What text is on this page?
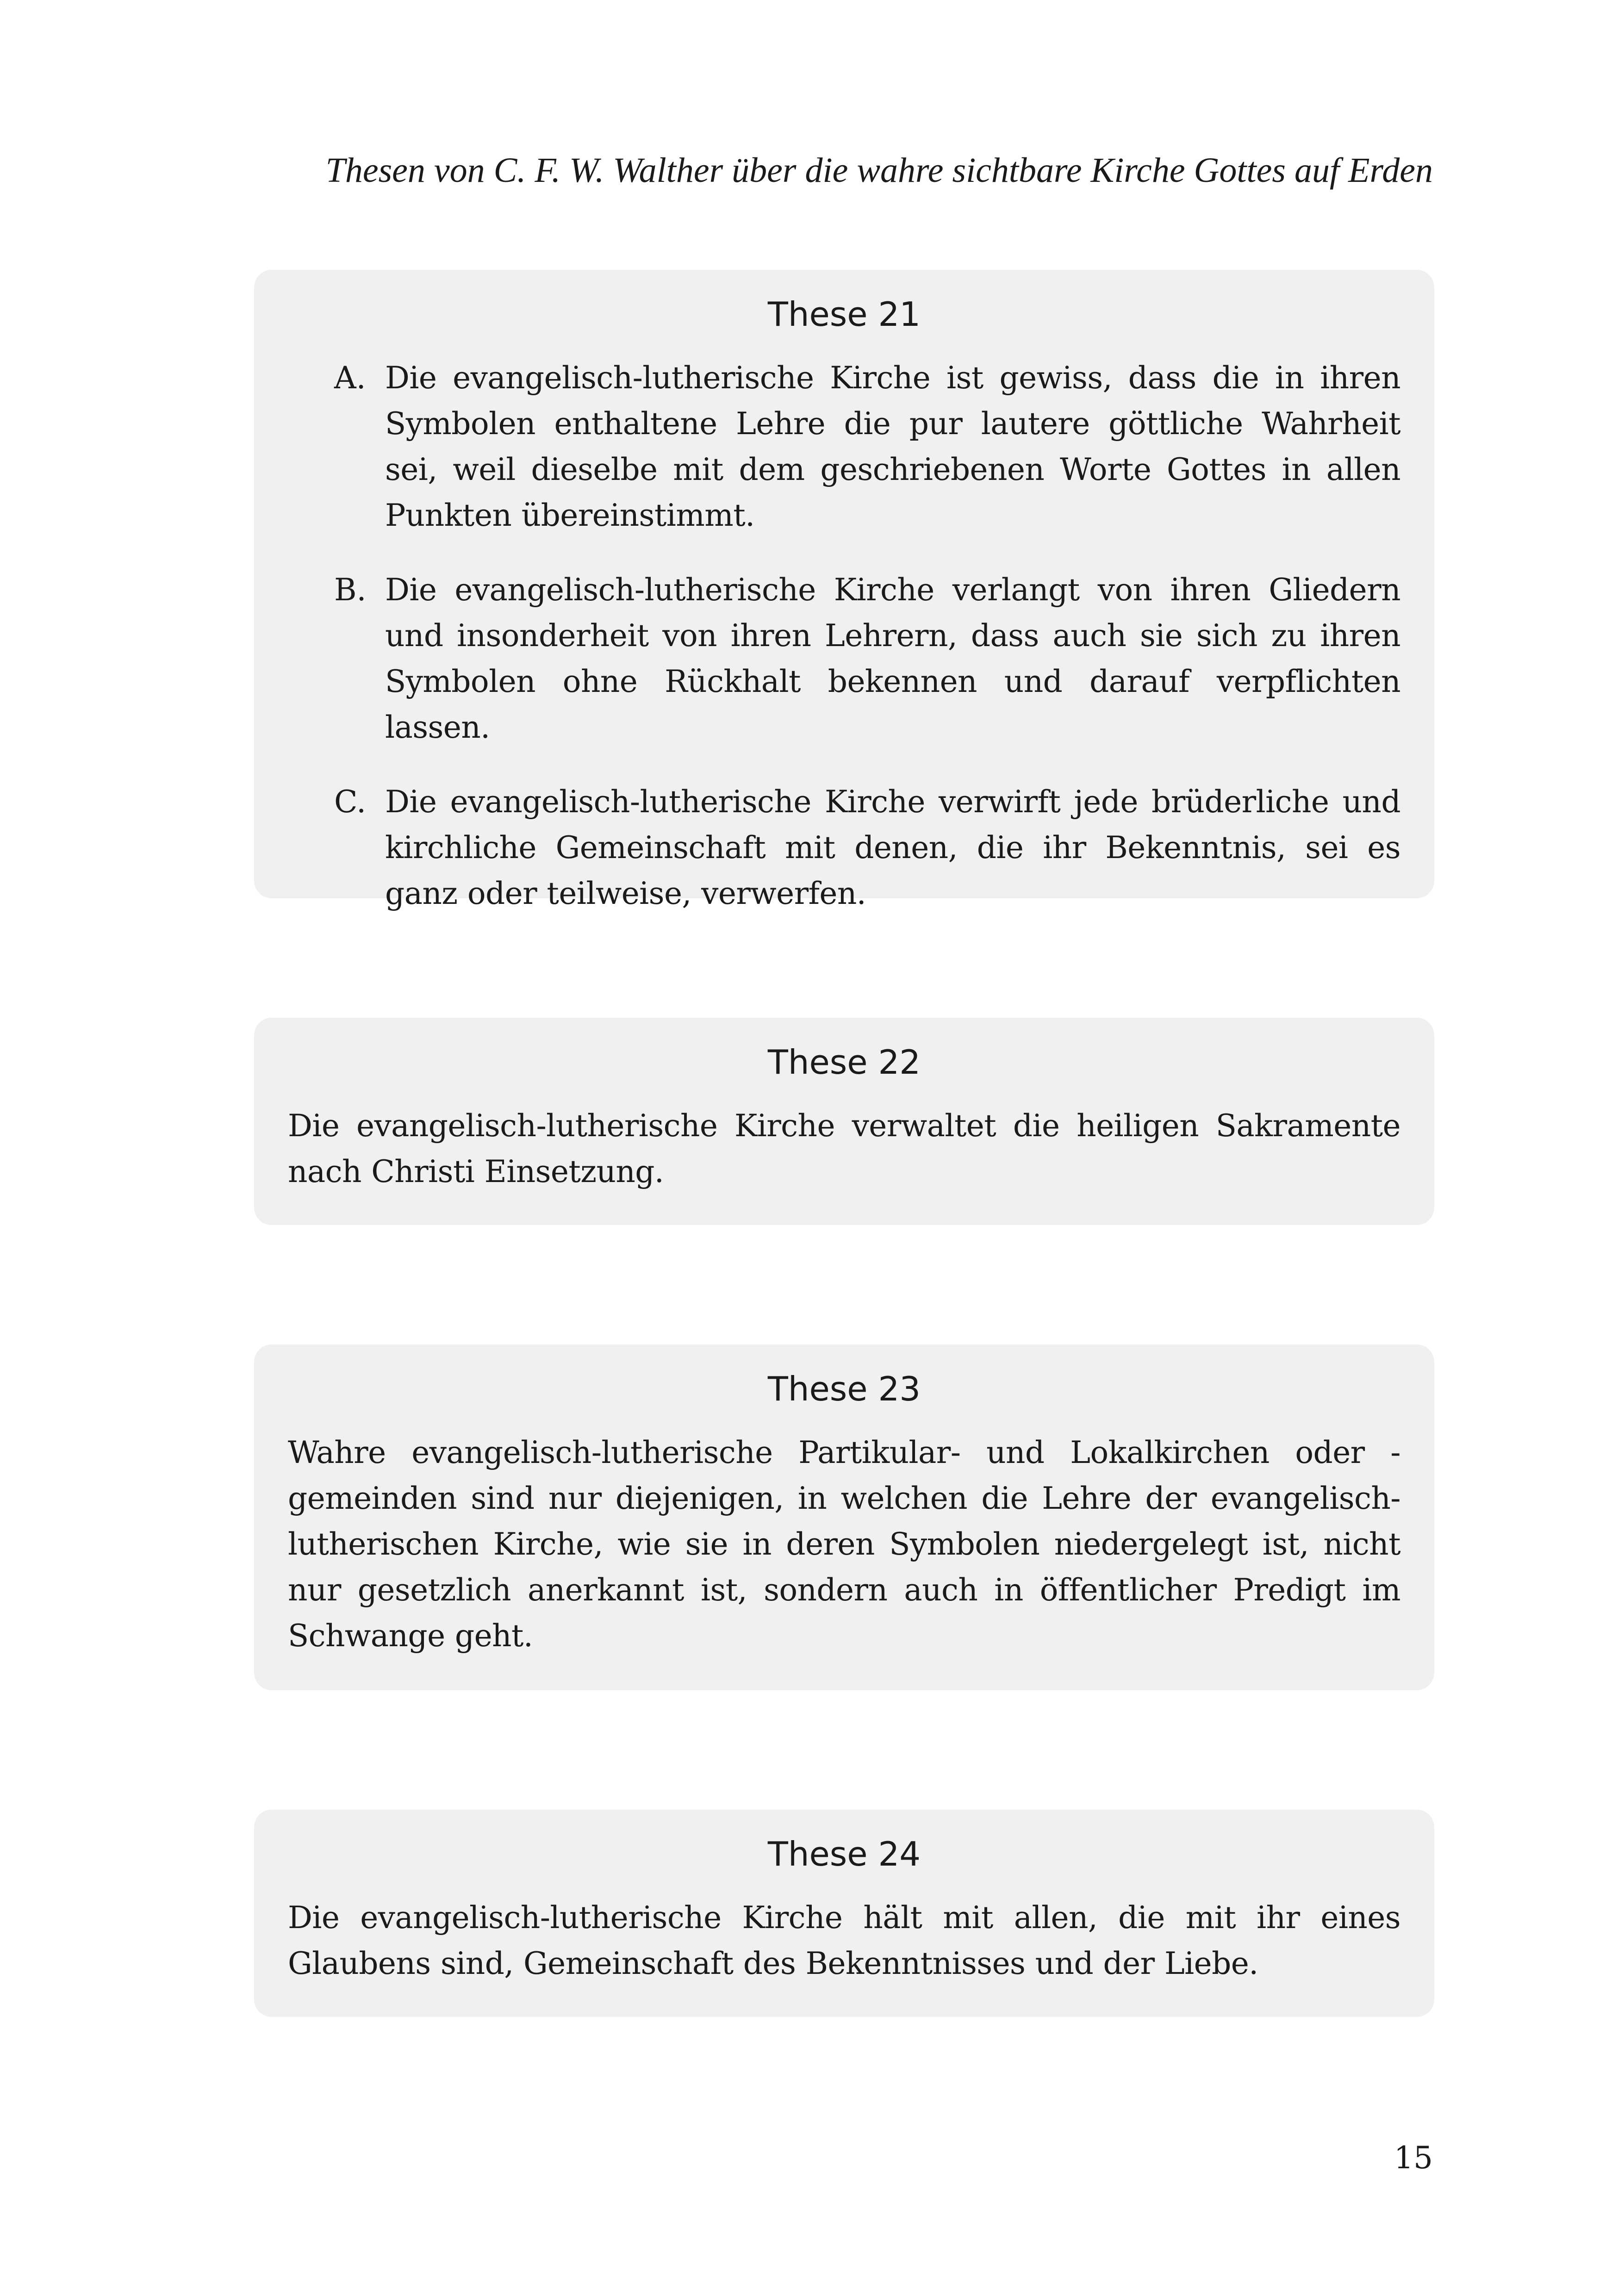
Thesen von C. F. W. Walther über die wahre sichtbare Kirche Gottes auf Erden
These 21
A. Die evangelisch-lutherische Kirche ist gewiss, dass die in ihren Symbolen enthaltene Lehre die pur lautere göttliche Wahrheit sei, weil dieselbe mit dem geschriebenen Worte Gottes in allen Punkten übereinstimmt.
B. Die evangelisch-lutherische Kirche verlangt von ihren Gliedern und insonderheit von ihren Lehrern, dass auch sie sich zu ihren Symbolen ohne Rückhalt bekennen und darauf verpflichten lassen.
C. Die evangelisch-lutherische Kirche verwirft jede brüderliche und kirchliche Gemeinschaft mit denen, die ihr Bekenntnis, sei es ganz oder teilweise, verwerfen.
These 22

Die evangelisch-lutherische Kirche verwaltet die heiligen Sakramente nach Christi Einsetzung.

These 23

Wahre evangelisch-lutherische Partikular- und Lokalkirchen oder -gemeinden sind nur diejenigen, in welchen die Lehre der evangelisch-lutherischen Kirche, wie sie in deren Symbolen niedergelegt ist, nicht nur gesetzlich anerkannt ist, sondern auch in öffentlicher Predigt im Schwange geht.

These 24

Die evangelisch-lutherische Kirche hält mit allen, die mit ihr eines Glaubens sind, Gemeinschaft des Bekenntnisses und der Liebe.

15
